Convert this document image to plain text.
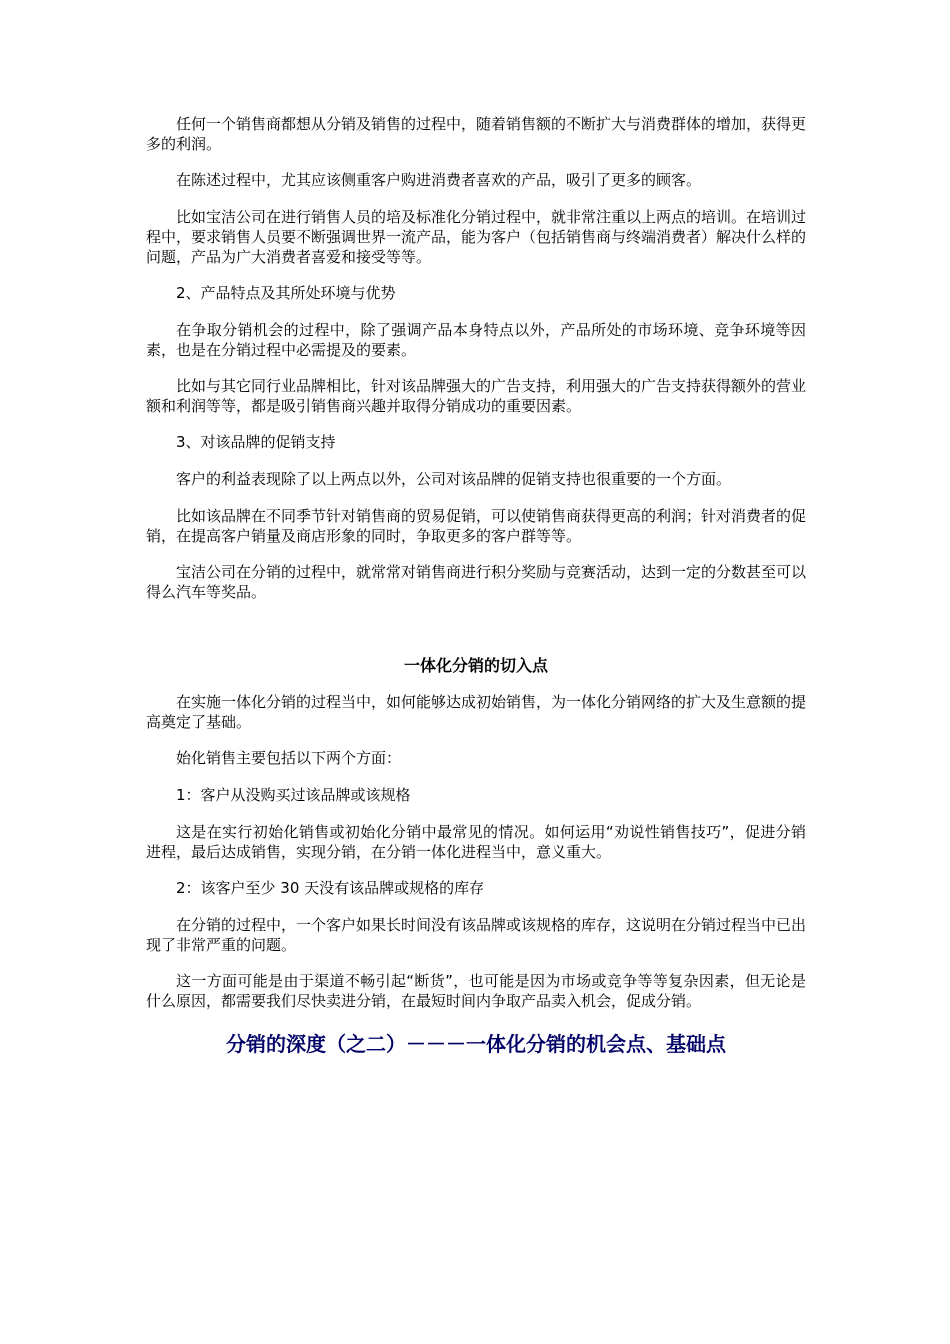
任何一个销售商都想从分销及销售的过程中，随着销售额的不断扩大与消费群体的增加，获得更多的利润。

在陈述过程中，尤其应该侧重客户购进消费者喜欢的产品，吸引了更多的顾客。

比如宝洁公司在进行销售人员的培及标准化分销过程中，就非常注重以上两点的培训。在培训过程中，要求销售人员要不断强调世界一流产品，能为客户（包括销售商与终端消费者）解决什么样的问题，产品为广大消费者喜爱和接受等等。

2、产品特点及其所处环境与优势

在争取分销机会的过程中，除了强调产品本身特点以外，产品所处的市场环境、竞争环境等因素，也是在分销过程中必需提及的要素。

比如与其它同行业品牌相比，针对该品牌强大的广告支持，利用强大的广告支持获得额外的营业额和利润等等，都是吸引销售商兴趣并取得分销成功的重要因素。

3、对该品牌的促销支持

客户的利益表现除了以上两点以外，公司对该品牌的促销支持也很重要的一个方面。

比如该品牌在不同季节针对销售商的贸易促销，可以使销售商获得更高的利润；针对消费者的促销，在提高客户销量及商店形象的同时，争取更多的客户群等等。

宝洁公司在分销的过程中，就常常对销售商进行积分奖励与竞赛活动，达到一定的分数甚至可以得么汽车等奖品。

一体化分销的切入点

在实施一体化分销的过程当中，如何能够达成初始销售，为一体化分销网络的扩大及生意额的提高奠定了基础。

始化销售主要包括以下两个方面：

1：客户从没购买过该品牌或该规格

这是在实行初始化销售或初始化分销中最常见的情况。如何运用“劝说性销售技巧”，促进分销进程，最后达成销售，实现分销，在分销一体化进程当中，意义重大。

2：该客户至少 30 天没有该品牌或规格的库存

在分销的过程中，一个客户如果长时间没有该品牌或该规格的库存，这说明在分销过程当中已出现了非常严重的问题。

这一方面可能是由于渠道不畅引起“断货”，也可能是因为市场或竞争等等复杂因素，但无论是什么原因，都需要我们尽快卖进分销，在最短时间内争取产品卖入机会，促成分销。

分销的深度（之二）－－－一体化分销的机会点、基础点
